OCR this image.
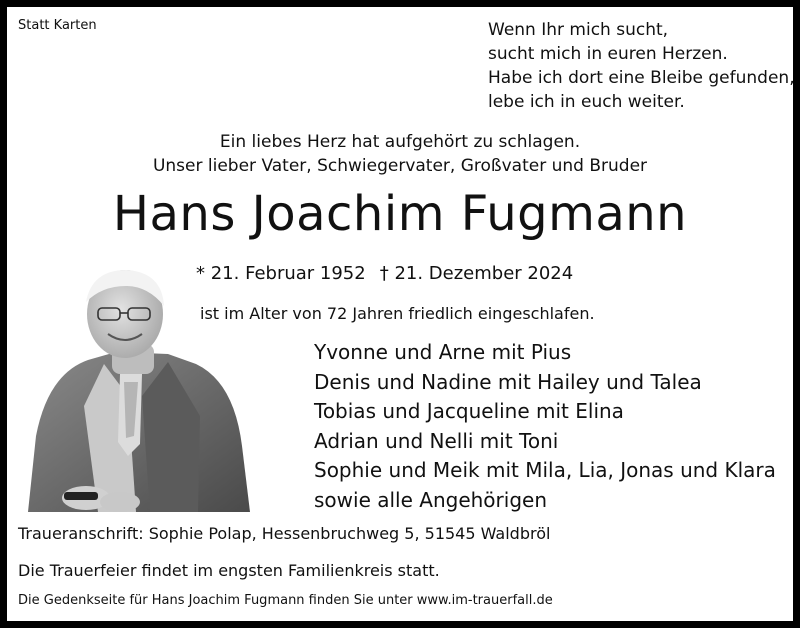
Statt Karten	Wenn Ihr mich sucht,
sucht mich in euren Herzen.
Habe ich dort eine Bleibe gefunden,
lebe ich in euch weiter.
Ein liebes Herz hat aufgehört zu schlagen.
Unser lieber Vater, Schwiegervater, Großvater und Bruder
Hans Joachim Fugmann
* 21. Februar 1952 † 21. Dezember 2024
ist im Alter von 72 Jahren friedlich eingeschlafen.
Yvonne und Arne mit Pius
Denis und Nadine mit Hailey und Talea
Tobias und Jacqueline mit Elina
Adrian und Nelli mit Toni
Sophie und Meik mit Mila, Lia, Jonas und Klara
sowie alle Angehörigen
Traueranschrift: Sophie Polap, Hessenbruchweg 5, 51545 Waldbröl
Die Trauerfeier findet im engsten Familienkreis statt.
Die Gedenkseite für Hans Joachim Fugmann finden Sie unter www.im-trauerfall.de
